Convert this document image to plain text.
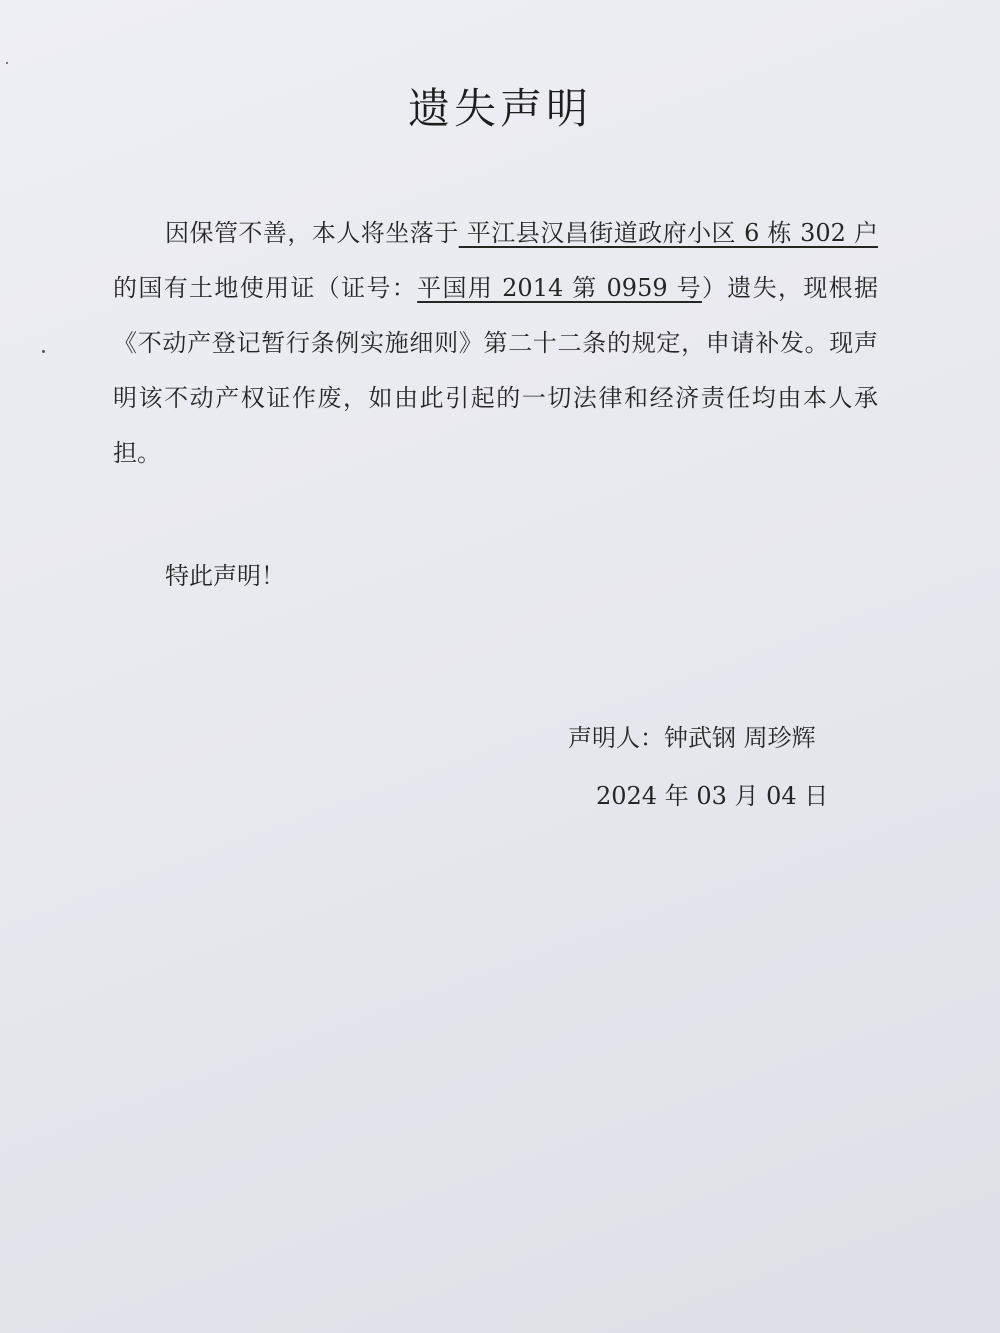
遗失声明
因保管不善，本人将坐落于 平江县汉昌街道政府小区 6 栋 302 户的国有土地使用证（证号：平国用 2014 第 0959 号）遗失，现根据《不动产登记暂行条例实施细则》第二十二条的规定，申请补发。现声明该不动产权证作废，如由此引起的一切法律和经济责任均由本人承担。
特此声明！
声明人：钟武钢 周珍辉
2024 年 03 月 04 日
